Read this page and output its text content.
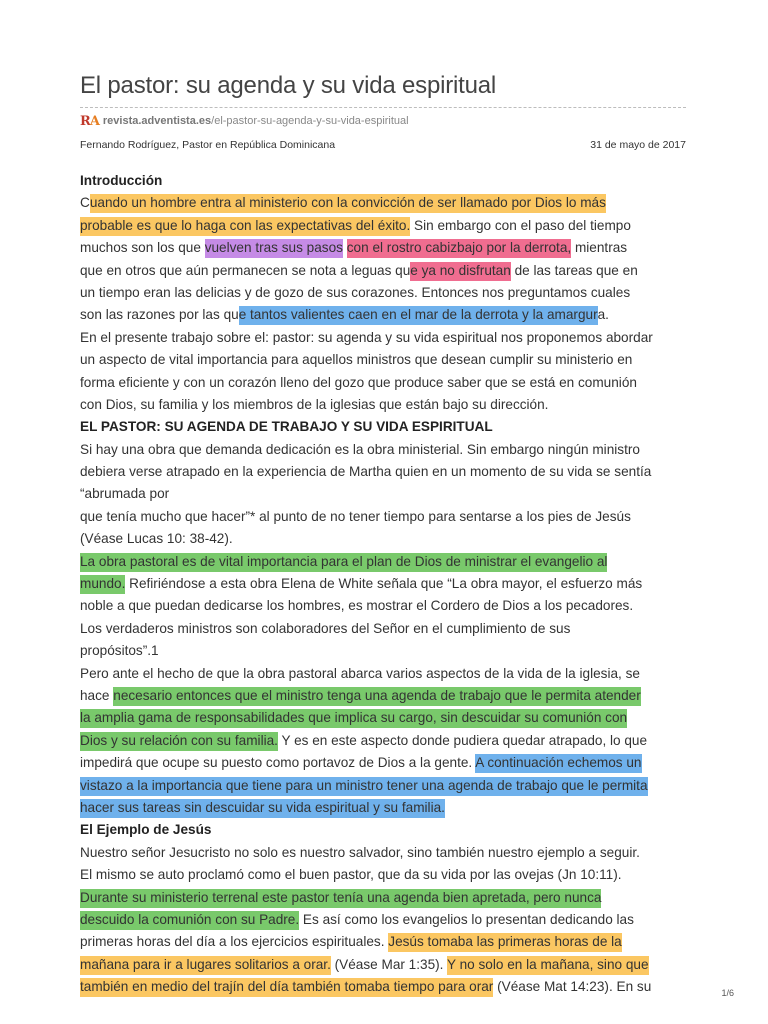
El pastor: su agenda y su vida espiritual
RA revista.adventista.es /el-pastor-su-agenda-y-su-vida-espiritual
Fernando Rodríguez, Pastor en República Dominicana	31 de mayo de 2017
Introducción
Cuando un hombre entra al ministerio con la convicción de ser llamado por Dios lo más
probable es que lo haga con las expectativas del éxito. Sin embargo con el paso del tiempo
muchos son los que vuelven tras sus pasos con el rostro cabizbajo por la derrota, mientras
que en otros que aún permanecen se nota a leguas que ya no disfrutan de las tareas que en
un tiempo eran las delicias y de gozo de sus corazones. Entonces nos preguntamos cuales
son las razones por las que tantos valientes caen en el mar de la derrota y la amargura.
En el presente trabajo sobre el: pastor: su agenda y su vida espiritual nos proponemos abordar
un aspecto de vital importancia para aquellos ministros que desean cumplir su ministerio en
forma eficiente y con un corazón lleno del gozo que produce saber que se está en comunión
con Dios, su familia y los miembros de la iglesias que están bajo su dirección.
EL PASTOR: SU AGENDA DE TRABAJO Y SU VIDA ESPIRITUAL
Si hay una obra que demanda dedicación es la obra ministerial. Sin embargo ningún ministro
debiera verse atrapado en la experiencia de Martha quien en un momento de su vida se sentía
“abrumada por
que tenía mucho que hacer”* al punto de no tener tiempo para sentarse a los pies de Jesús
(Véase Lucas 10: 38-42).
La obra pastoral es de vital importancia para el plan de Dios de ministrar el evangelio al
mundo. Refiriéndose a esta obra Elena de White señala que “La obra mayor, el esfuerzo más
noble a que puedan dedicarse los hombres, es mostrar el Cordero de Dios a los pecadores.
Los verdaderos ministros son colaboradores del Señor en el cumplimiento de sus
propósitos”.1
Pero ante el hecho de que la obra pastoral abarca varios aspectos de la vida de la iglesia, se
hace necesario entonces que el ministro tenga una agenda de trabajo que le permita atender
la amplia gama de responsabilidades que implica su cargo, sin descuidar su comunión con
Dios y su relación con su familia. Y es en este aspecto donde pudiera quedar atrapado, lo que
impedirá que ocupe su puesto como portavoz de Dios a la gente. A continuación echemos un
vistazo a la importancia que tiene para un ministro tener una agenda de trabajo que le permita
hacer sus tareas sin descuidar su vida espiritual y su familia.
El Ejemplo de Jesús
Nuestro señor Jesucristo no solo es nuestro salvador, sino también nuestro ejemplo a seguir.
El mismo se auto proclamó como el buen pastor, que da su vida por las ovejas (Jn 10:11).
Durante su ministerio terrenal este pastor tenía una agenda bien apretada, pero nunca
descuido la comunión con su Padre. Es así como los evangelios lo presentan dedicando las
primeras horas del día a los ejercicios espirituales. Jesús tomaba las primeras horas de la
mañana para ir a lugares solitarios a orar. (Véase Mar 1:35). Y no solo en la mañana, sino que
también en medio del trajín del día también tomaba tiempo para orar (Véase Mat 14:23). En su	1/6
